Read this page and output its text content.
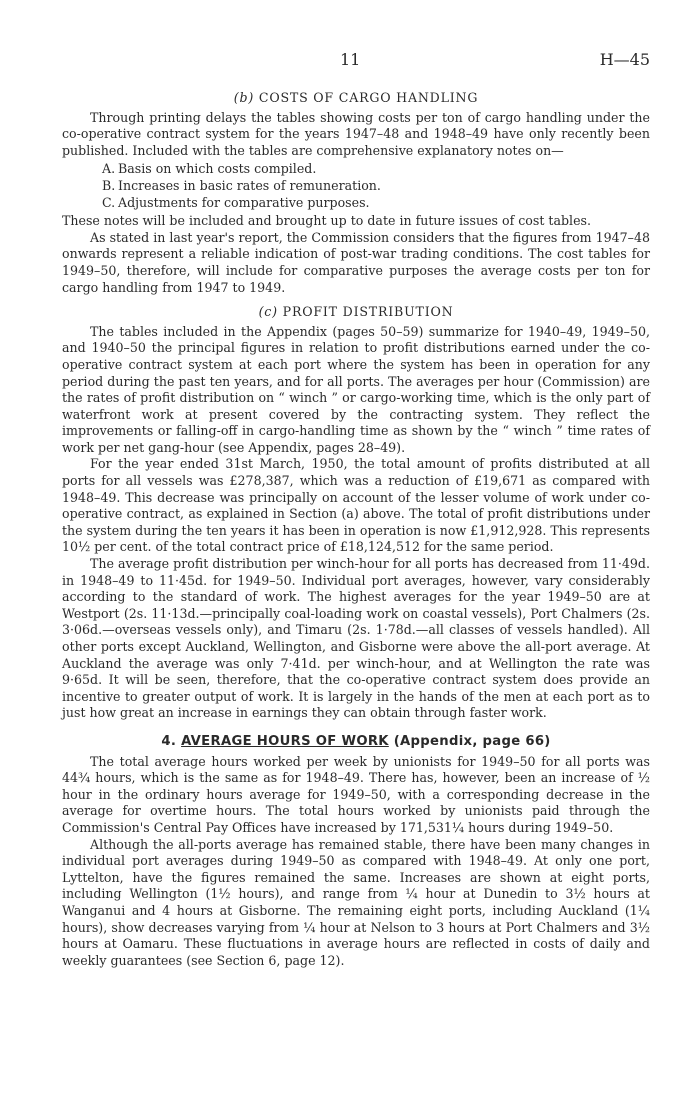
11	H—45
(b) COSTS OF CARGO HANDLING

Through printing delays the tables showing costs per ton of cargo handling under the co-operative contract system for the years 1947–48 and 1948–49 have only recently been published. Included with the tables are comprehensive explanatory notes on—

A. Basis on which costs compiled.
B. Increases in basic rates of remuneration.
C. Adjustments for comparative purposes.

These notes will be included and brought up to date in future issues of cost tables.

As stated in last year's report, the Commission considers that the figures from 1947–48 onwards represent a reliable indication of post-war trading conditions. The cost tables for 1949–50, therefore, will include for comparative purposes the average costs per ton for cargo handling from 1947 to 1949.

(c) PROFIT DISTRIBUTION

The tables included in the Appendix (pages 50–59) summarize for 1940–49, 1949–50, and 1940–50 the principal figures in relation to profit distributions earned under the co-operative contract system at each port where the system has been in operation for any period during the past ten years, and for all ports. The averages per hour (Commission) are the rates of profit distribution on “ winch ” or cargo-working time, which is the only part of waterfront work at present covered by the contracting system. They reflect the improvements or falling-off in cargo-handling time as shown by the “ winch ” time rates of work per net gang-hour (see Appendix, pages 28–49).

For the year ended 31st March, 1950, the total amount of profits distributed at all ports for all vessels was £278,387, which was a reduction of £19,671 as compared with 1948–49. This decrease was principally on account of the lesser volume of work under co-operative contract, as explained in Section (a) above. The total of profit distributions under the system during the ten years it has been in operation is now £1,912,928. This represents 10½ per cent. of the total contract price of £18,124,512 for the same period.

The average profit distribution per winch-hour for all ports has decreased from 11·49d. in 1948–49 to 11·45d. for 1949–50. Individual port averages, however, vary considerably according to the standard of work. The highest averages for the year 1949–50 are at Westport (2s. 11·13d.—principally coal-loading work on coastal vessels), Port Chalmers (2s. 3·06d.—overseas vessels only), and Timaru (2s. 1·78d.—all classes of vessels handled). All other ports except Auckland, Wellington, and Gisborne were above the all-port average. At Auckland the average was only 7·41d. per winch-hour, and at Wellington the rate was 9·65d. It will be seen, therefore, that the co-operative contract system does provide an incentive to greater output of work. It is largely in the hands of the men at each port as to just how great an increase in earnings they can obtain through faster work.

4. AVERAGE HOURS OF WORK (Appendix, page 66)

The total average hours worked per week by unionists for 1949–50 for all ports was 44¾ hours, which is the same as for 1948–49. There has, however, been an increase of ½ hour in the ordinary hours average for 1949–50, with a corresponding decrease in the average for overtime hours. The total hours worked by unionists paid through the Commission's Central Pay Offices have increased by 171,531¼ hours during 1949–50.

Although the all-ports average has remained stable, there have been many changes in individual port averages during 1949–50 as compared with 1948–49. At only one port, Lyttelton, have the figures remained the same. Increases are shown at eight ports, including Wellington (1½ hours), and range from ¼ hour at Dunedin to 3½ hours at Wanganui and 4 hours at Gisborne. The remaining eight ports, including Auckland (1¼ hours), show decreases varying from ¼ hour at Nelson to 3 hours at Port Chalmers and 3½ hours at Oamaru. These fluctuations in average hours are reflected in costs of daily and weekly guarantees (see Section 6, page 12).
